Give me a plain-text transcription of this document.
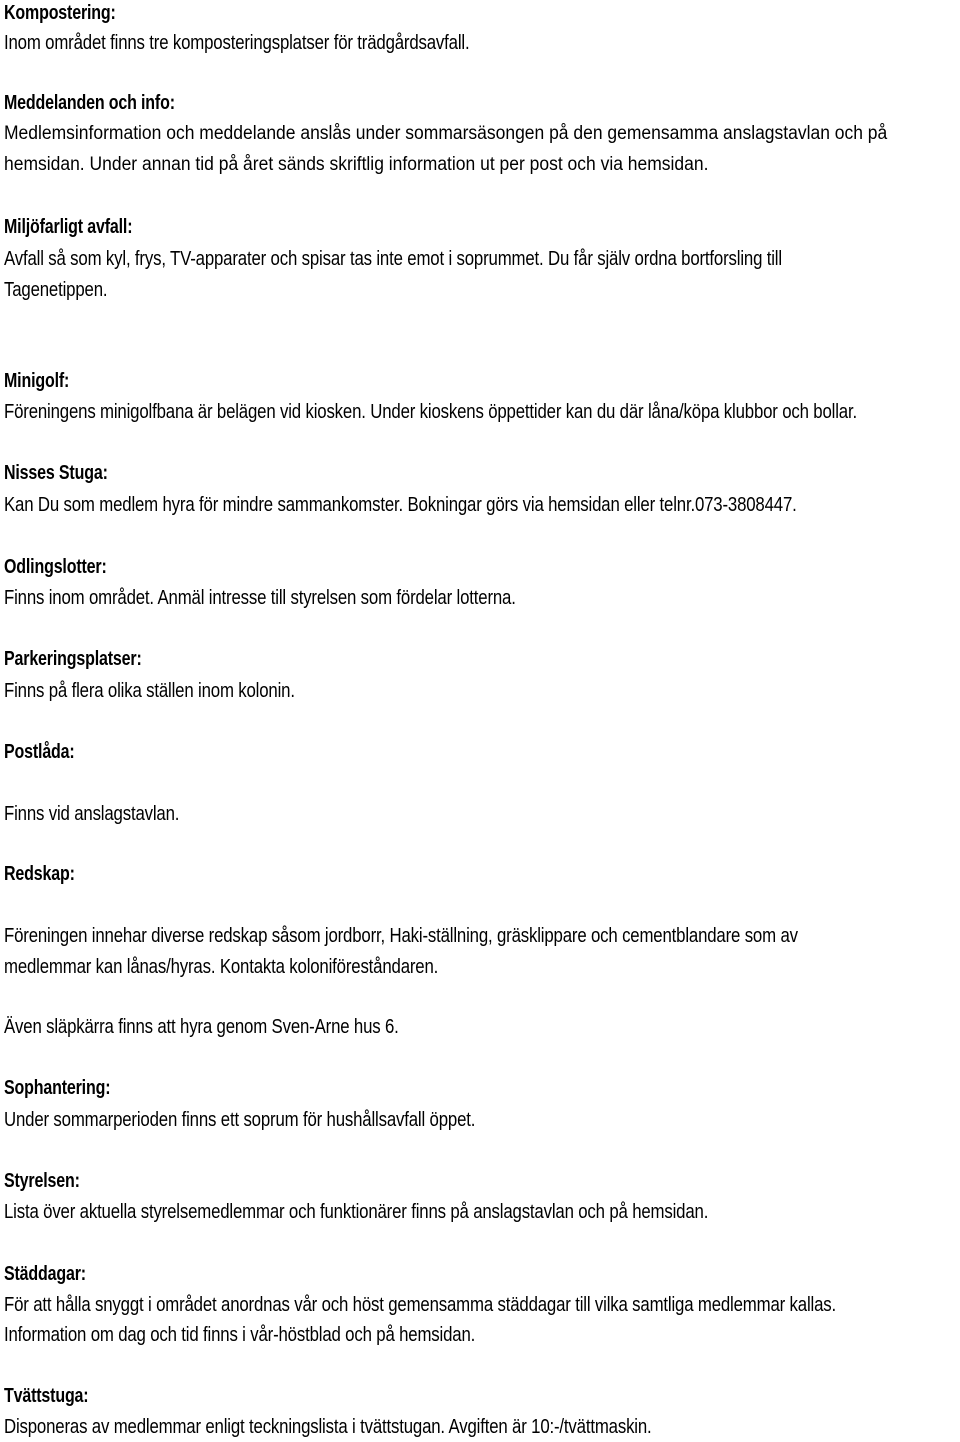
Kompostering:
Inom området finns tre komposteringsplatser för trädgårdsavfall.
Meddelanden och info:
Medlemsinformation och meddelande anslås under sommarsäsongen på den gemensamma anslagstavlan och på
hemsidan. Under annan tid på året sänds skriftlig information ut per post och via hemsidan.
Miljöfarligt avfall:
Avfall så som kyl, frys, TV-apparater och spisar tas inte emot i soprummet. Du får själv ordna bortforsling till
Tagenetippen.
Minigolf:
Föreningens minigolfbana är belägen vid kiosken. Under kioskens öppettider kan du där låna/köpa klubbor och bollar.
Nisses Stuga:
Kan Du som medlem hyra för mindre sammankomster. Bokningar görs via hemsidan eller telnr.073-3808447.
Odlingslotter:
Finns inom området. Anmäl intresse till styrelsen som fördelar lotterna.
Parkeringsplatser:
Finns på flera olika ställen inom kolonin.
Postlåda:
Finns vid anslagstavlan.
Redskap:
Föreningen innehar diverse redskap såsom jordborr, Haki-ställning, gräsklippare och cementblandare som av
medlemmar kan lånas/hyras. Kontakta koloniföreståndaren.
Även släpkärra finns att hyra genom Sven-Arne hus 6.
Sophantering:
Under sommarperioden finns ett soprum för hushållsavfall öppet.
Styrelsen:
Lista över aktuella styrelsemedlemmar och funktionärer finns på anslagstavlan och på hemsidan.
Städdagar:
För att hålla snyggt i området anordnas vår och höst gemensamma städdagar till vilka samtliga medlemmar kallas.
Information om dag och tid finns i vår-höstblad och på hemsidan.
Tvättstuga:
Disponeras av medlemmar enligt teckningslista i tvättstugan. Avgiften är 10:-/tvättmaskin.
